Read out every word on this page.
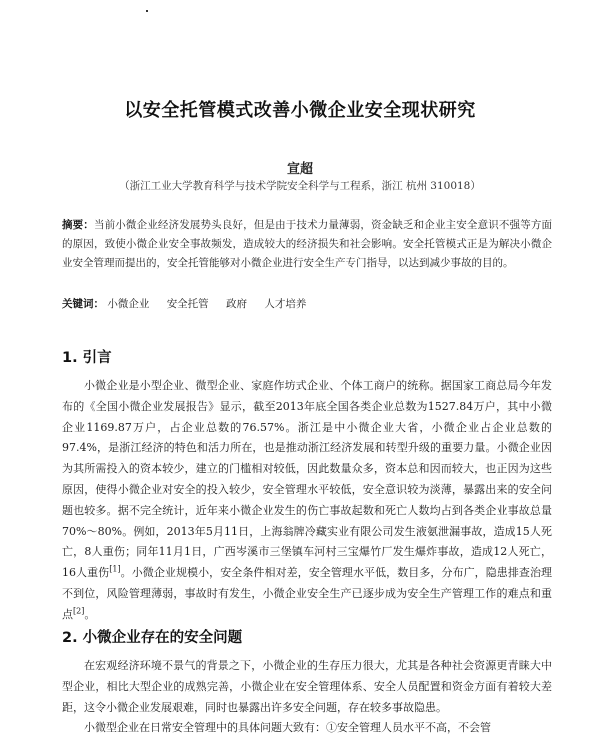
以安全托管模式改善小微企业安全现状研究
宣超
（浙江工业大学教育科学与技术学院安全科学与工程系，浙江 杭州 310018）
摘要：当前小微企业经济发展势头良好，但是由于技术力量薄弱，资金缺乏和企业主安全意识不强等方面的原因，致使小微企业安全事故频发，造成较大的经济损失和社会影响。安全托管模式正是为解决小微企业安全管理而提出的，安全托管能够对小微企业进行安全生产专门指导，以达到减少事故的目的。
关键词： 小微企业 安全托管 政府 人才培养
1. 引言

小微企业是小型企业、微型企业、家庭作坊式企业、个体工商户的统称。据国家工商总局今年发布的《全国小微企业发展报告》显示，截至2013年底全国各类企业总数为1527.84万户，其中小微企业1169.87万户，占企业总数的76.57%。浙江是中小微企业大省，小微企业占企业总数的97.4%，是浙江经济的特色和活力所在，也是推动浙江经济发展和转型升级的重要力量。小微企业因为其所需投入的资本较少，建立的门槛相对较低，因此数量众多，资本总和因而较大，也正因为这些原因，使得小微企业对安全的投入较少，安全管理水平较低，安全意识较为淡薄，暴露出来的安全问题也较多。据不完全统计，近年来小微企业发生的伤亡事故起数和死亡人数均占到各类企业事故总量70%～80%。例如，2013年5月11日，上海翁牌冷藏实业有限公司发生液氨泄漏事故，造成15人死亡，8人重伤；同年11月1日，广西岑溪市三堡镇车河村三宝爆竹厂发生爆炸事故，造成12人死亡，16人重伤[1]。小微企业规模小，安全条件相对差，安全管理水平低，数目多，分布广，隐患排查治理不到位，风险管理薄弱，事故时有发生，小微企业安全生产已逐步成为安全生产管理工作的难点和重点[2]。

2. 小微企业存在的安全问题

在宏观经济环境不景气的背景之下，小微企业的生存压力很大，尤其是各种社会资源更青睐大中型企业，相比大型企业的成熟完善，小微企业在安全管理体系、安全人员配置和资金方面有着较大差距，这令小微企业发展艰难，同时也暴露出许多安全问题，存在较多事故隐患。

小微型企业在日常安全管理中的具体问题大致有：①安全管理人员水平不高，不会管
